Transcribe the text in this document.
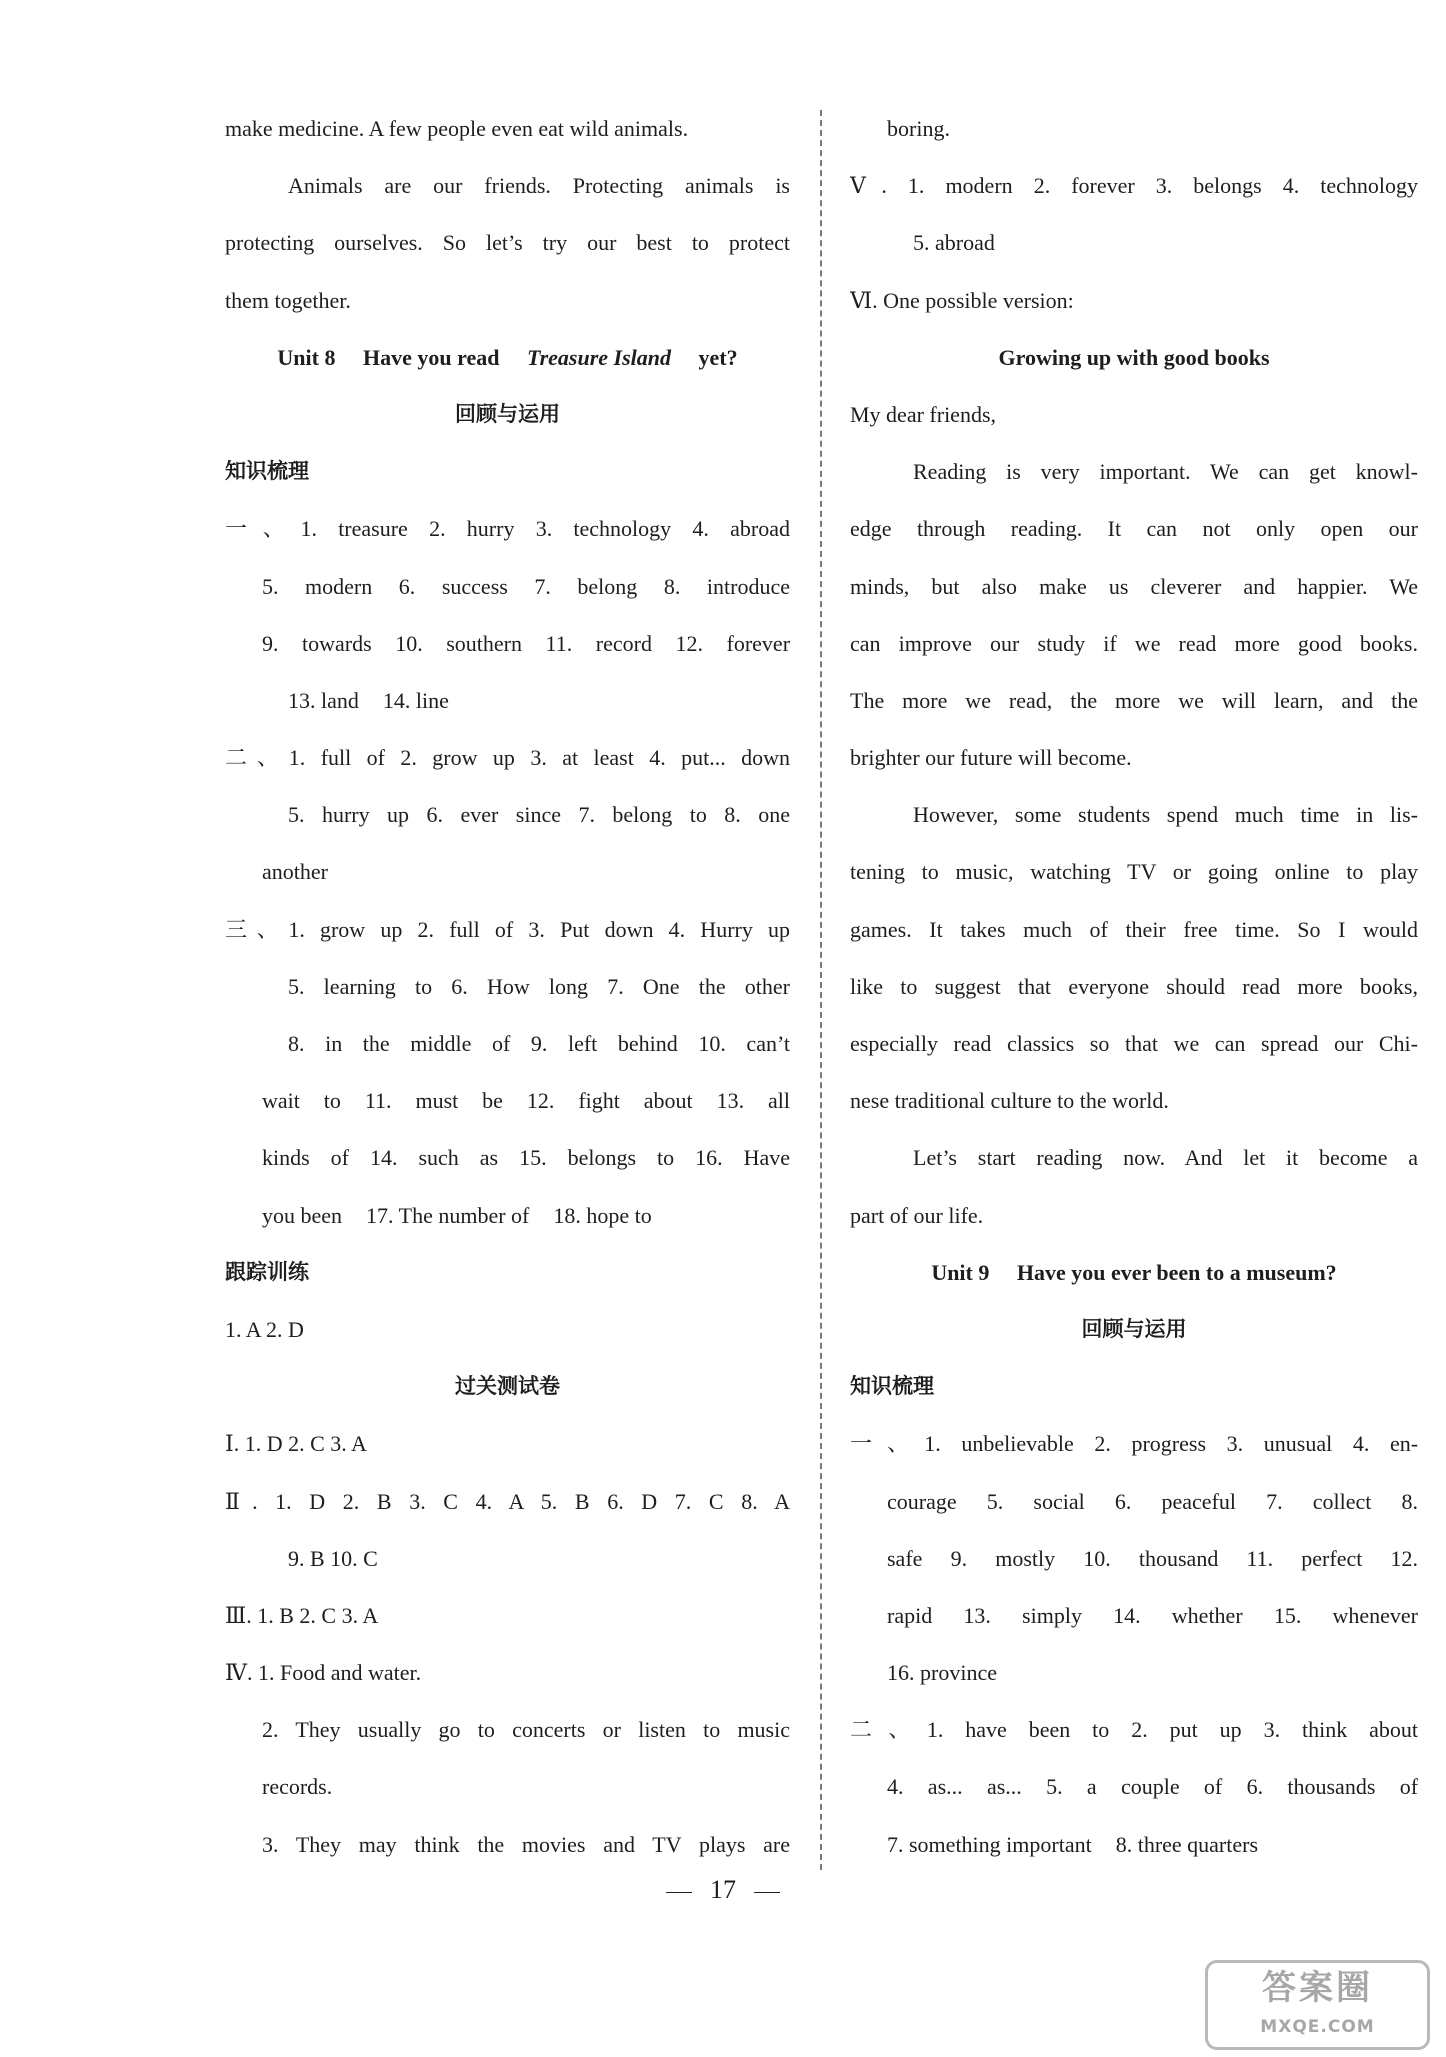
make medicine. A few people even eat wild animals.
Animals are our friends. Protecting animals is
protecting ourselves. So let’s try our best to protect
them together.
Unit 8 Have you read Treasure Island yet?
回顾与运用
知识梳理
一、1. treasure 2. hurry 3. technology 4. abroad
5. modern 6. success 7. belong 8. introduce
9. towards 10. southern 11. record 12. forever
13. land 14. line
二、1. full of 2. grow up 3. at least 4. put... down
5. hurry up 6. ever since 7. belong to 8. one
another
三、1. grow up 2. full of 3. Put down 4. Hurry up
5. learning to 6. How long 7. One the other
8. in the middle of 9. left behind 10. can’t
wait to 11. must be 12. fight about 13. all
kinds of 14. such as 15. belongs to 16. Have
you been 17. The number of 18. hope to
跟踪训练
1. A 2. D
过关测试卷
Ⅰ. 1. D 2. C 3. A
Ⅱ. 1. D 2. B 3. C 4. A 5. B 6. D 7. C 8. A
9. B 10. C
Ⅲ. 1. B 2. C 3. A
Ⅳ. 1. Food and water.
2. They usually go to concerts or listen to music
records.
3. They may think the movies and TV plays are
boring.
Ⅴ. 1. modern 2. forever 3. belongs 4. technology
5. abroad
Ⅵ. One possible version:
Growing up with good books
My dear friends,
Reading is very important. We can get knowl-
edge through reading. It can not only open our
minds, but also make us cleverer and happier. We
can improve our study if we read more good books.
The more we read, the more we will learn, and the
brighter our future will become.
However, some students spend much time in lis-
tening to music, watching TV or going online to play
games. It takes much of their free time. So I would
like to suggest that everyone should read more books,
especially read classics so that we can spread our Chi-
nese traditional culture to the world.
Let’s start reading now. And let it become a
part of our life.
Unit 9 Have you ever been to a museum?
回顾与运用
知识梳理
一、1. unbelievable 2. progress 3. unusual 4. en-
courage 5. social 6. peaceful 7. collect 8.
safe 9. mostly 10. thousand 11. perfect 12.
rapid 13. simply 14. whether 15. whenever
16. province
二、1. have been to 2. put up 3. think about
4. as... as... 5. a couple of 6. thousands of
7. something important 8. three quarters
17
答案圈
MXQE.COM
